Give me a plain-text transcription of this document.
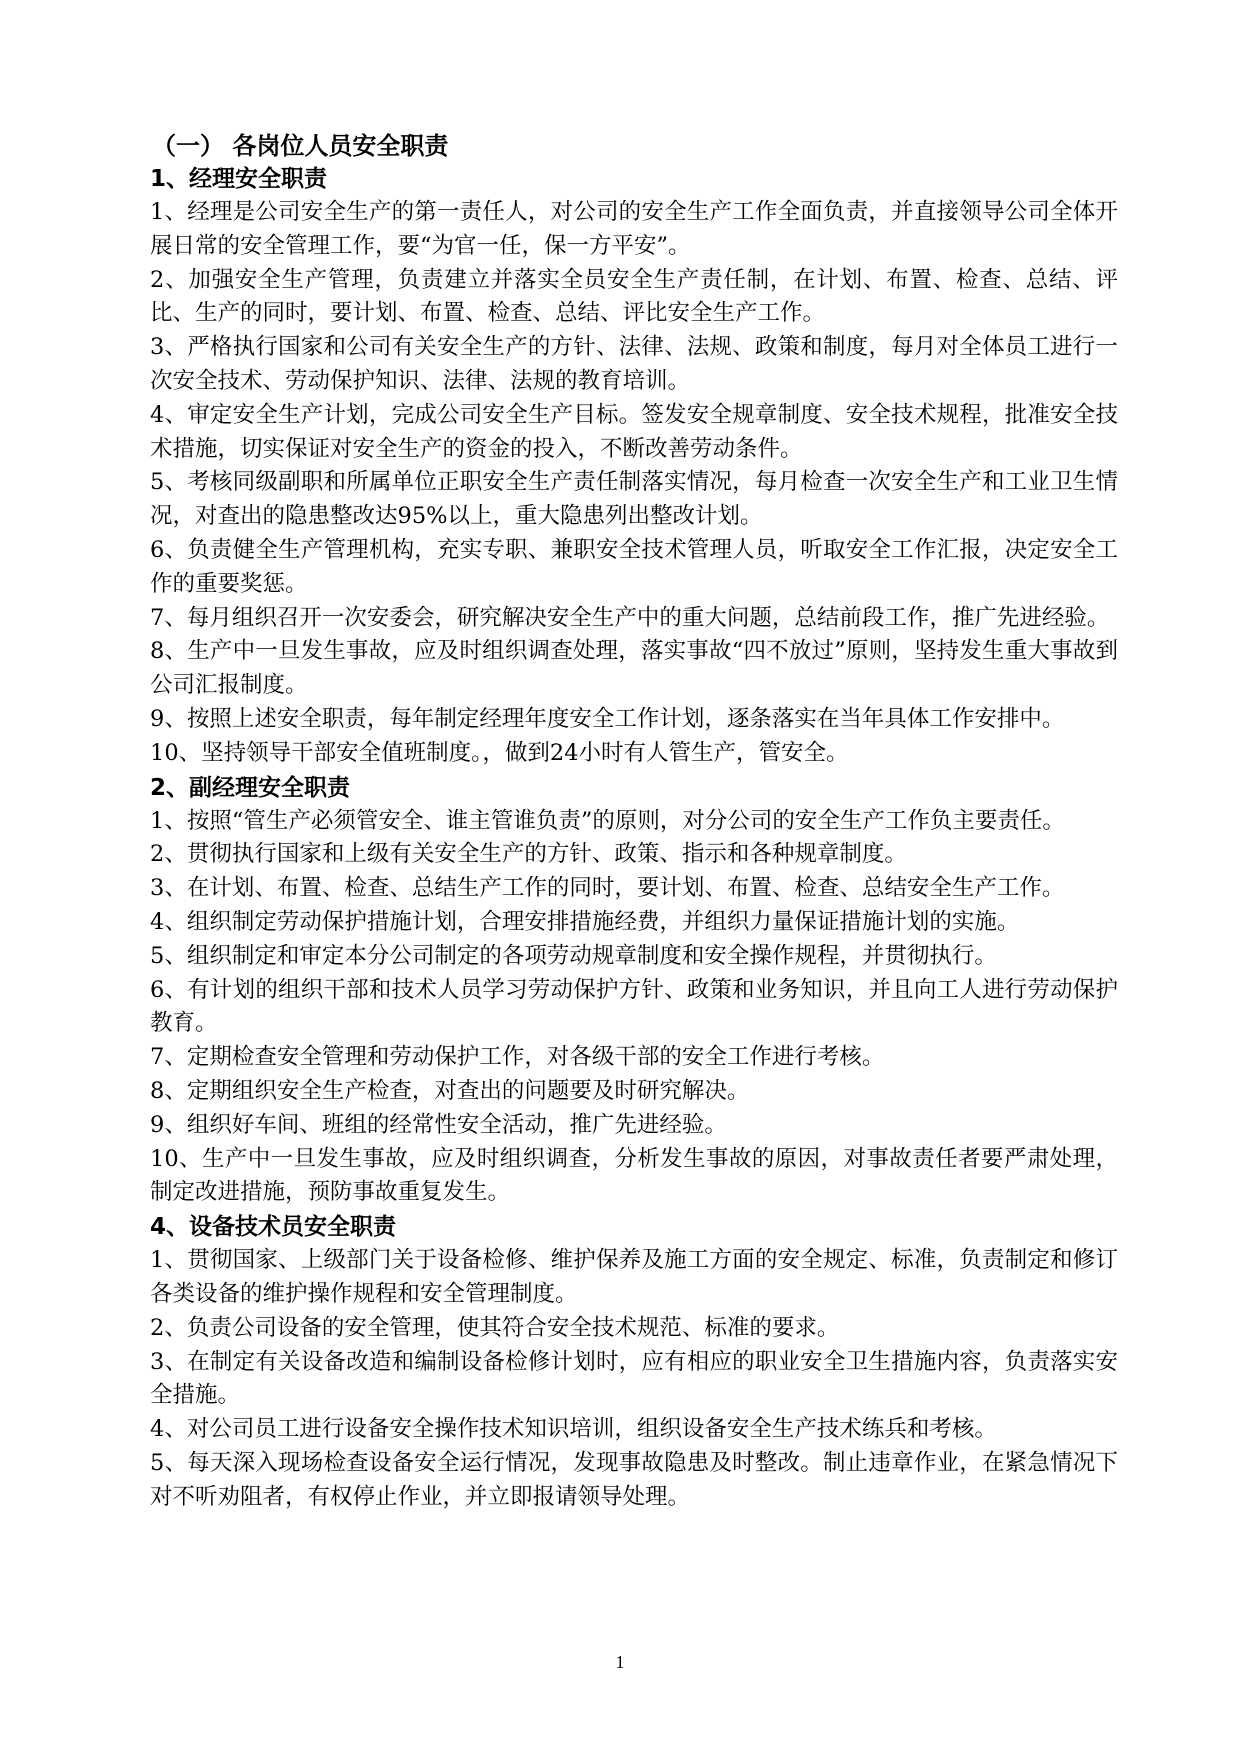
（一） 各岗位人员安全职责

1、经理安全职责

1、经理是公司安全生产的第一责任人，对公司的安全生产工作全面负责，并直接领导公司全体开展日常的安全管理工作，要“为官一任，保一方平安”。

2、加强安全生产管理，负责建立并落实全员安全生产责任制，在计划、布置、检查、总结、评比、生产的同时，要计划、布置、检查、总结、评比安全生产工作。

3、严格执行国家和公司有关安全生产的方针、法律、法规、政策和制度，每月对全体员工进行一次安全技术、劳动保护知识、法律、法规的教育培训。

4、审定安全生产计划，完成公司安全生产目标。签发安全规章制度、安全技术规程，批准安全技术措施，切实保证对安全生产的资金的投入，不断改善劳动条件。

5、考核同级副职和所属单位正职安全生产责任制落实情况，每月检查一次安全生产和工业卫生情况，对查出的隐患整改达95%以上，重大隐患列出整改计划。

6、负责健全生产管理机构，充实专职、兼职安全技术管理人员，听取安全工作汇报，决定安全工作的重要奖惩。

7、每月组织召开一次安委会，研究解决安全生产中的重大问题，总结前段工作，推广先进经验。

8、生产中一旦发生事故，应及时组织调查处理，落实事故“四不放过”原则，坚持发生重大事故到公司汇报制度。

9、按照上述安全职责，每年制定经理年度安全工作计划，逐条落实在当年具体工作安排中。

10、坚持领导干部安全值班制度。，做到24小时有人管生产，管安全。

2、副经理安全职责

1、按照“管生产必须管安全、谁主管谁负责”的原则，对分公司的安全生产工作负主要责任。

2、贯彻执行国家和上级有关安全生产的方针、政策、指示和各种规章制度。

3、在计划、布置、检查、总结生产工作的同时，要计划、布置、检查、总结安全生产工作。

4、组织制定劳动保护措施计划，合理安排措施经费，并组织力量保证措施计划的实施。

5、组织制定和审定本分公司制定的各项劳动规章制度和安全操作规程，并贯彻执行。

6、有计划的组织干部和技术人员学习劳动保护方针、政策和业务知识，并且向工人进行劳动保护教育。

7、定期检查安全管理和劳动保护工作，对各级干部的安全工作进行考核。

8、定期组织安全生产检查，对查出的问题要及时研究解决。

9、组织好车间、班组的经常性安全活动，推广先进经验。

10、生产中一旦发生事故，应及时组织调查，分析发生事故的原因，对事故责任者要严肃处理，制定改进措施，预防事故重复发生。

4、设备技术员安全职责

1、贯彻国家、上级部门关于设备检修、维护保养及施工方面的安全规定、标准，负责制定和修订各类设备的维护操作规程和安全管理制度。

2、负责公司设备的安全管理，使其符合安全技术规范、标准的要求。

3、在制定有关设备改造和编制设备检修计划时，应有相应的职业安全卫生措施内容，负责落实安全措施。

4、对公司员工进行设备安全操作技术知识培训，组织设备安全生产技术练兵和考核。

5、每天深入现场检查设备安全运行情况，发现事故隐患及时整改。制止违章作业，在紧急情况下对不听劝阻者，有权停止作业，并立即报请领导处理。

1
